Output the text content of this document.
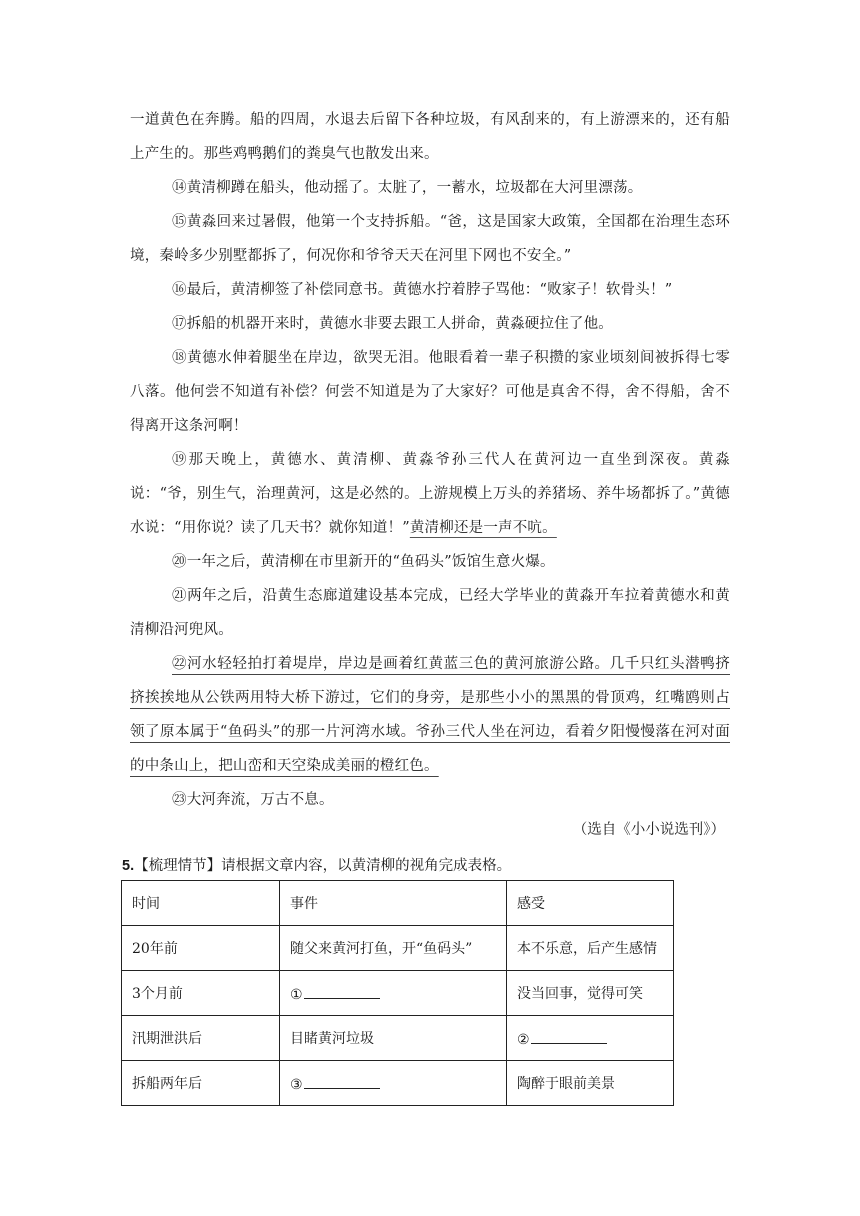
一道黄色在奔腾。船的四周，水退去后留下各种垃圾，有风刮来的，有上游漂来的，还有船上产生的。那些鸡鸭鹅们的粪臭气也散发出来。

⑭黄清柳蹲在船头，他动摇了。太脏了，一蓄水，垃圾都在大河里漂荡。

⑮黄淼回来过暑假，他第一个支持拆船。“爸，这是国家大政策，全国都在治理生态环境，秦岭多少别墅都拆了，何况你和爷爷天天在河里下网也不安全。”

⑯最后，黄清柳签了补偿同意书。黄德水拧着脖子骂他：“败家子！软骨头！”

⑰拆船的机器开来时，黄德水非要去跟工人拼命，黄淼硬拉住了他。

⑱黄德水伸着腿坐在岸边，欲哭无泪。他眼看着一辈子积攒的家业顷刻间被拆得七零八落。他何尝不知道有补偿？何尝不知道是为了大家好？可他是真舍不得，舍不得船，舍不得离开这条河啊！

⑲那天晚上，黄德水、黄清柳、黄淼爷孙三代人在黄河边一直坐到深夜。黄淼说：“爷，别生气，治理黄河，这是必然的。上游规模上万头的养猪场、养牛场都拆了。”黄德水说：“用你说？读了几天书？就你知道！”黄清柳还是一声不吭。

⑳一年之后，黄清柳在市里新开的“鱼码头”饭馆生意火爆。

㉑两年之后，沿黄生态廊道建设基本完成，已经大学毕业的黄淼开车拉着黄德水和黄清柳沿河兜风。

㉒河水轻轻拍打着堤岸，岸边是画着红黄蓝三色的黄河旅游公路。几千只红头潜鸭挤挤挨挨地从公铁两用特大桥下游过，它们的身旁，是那些小小的黑黑的骨顶鸡，红嘴鸥则占领了原本属于“鱼码头”的那一片河湾水域。爷孙三代人坐在河边，看着夕阳慢慢落在河对面的中条山上，把山峦和天空染成美丽的橙红色。

㉓大河奔流，万古不息。

（选自《小小说选刊》）
5.【梳理情节】请根据文章内容，以黄清柳的视角完成表格。
时间	事件	感受
20年前	随父来黄河打鱼，开“鱼码头”	本不乐意，后产生感情
3个月前	①	没当回事，觉得可笑
汛期泄洪后	目睹黄河垃圾	②
拆船两年后	③	陶醉于眼前美景
